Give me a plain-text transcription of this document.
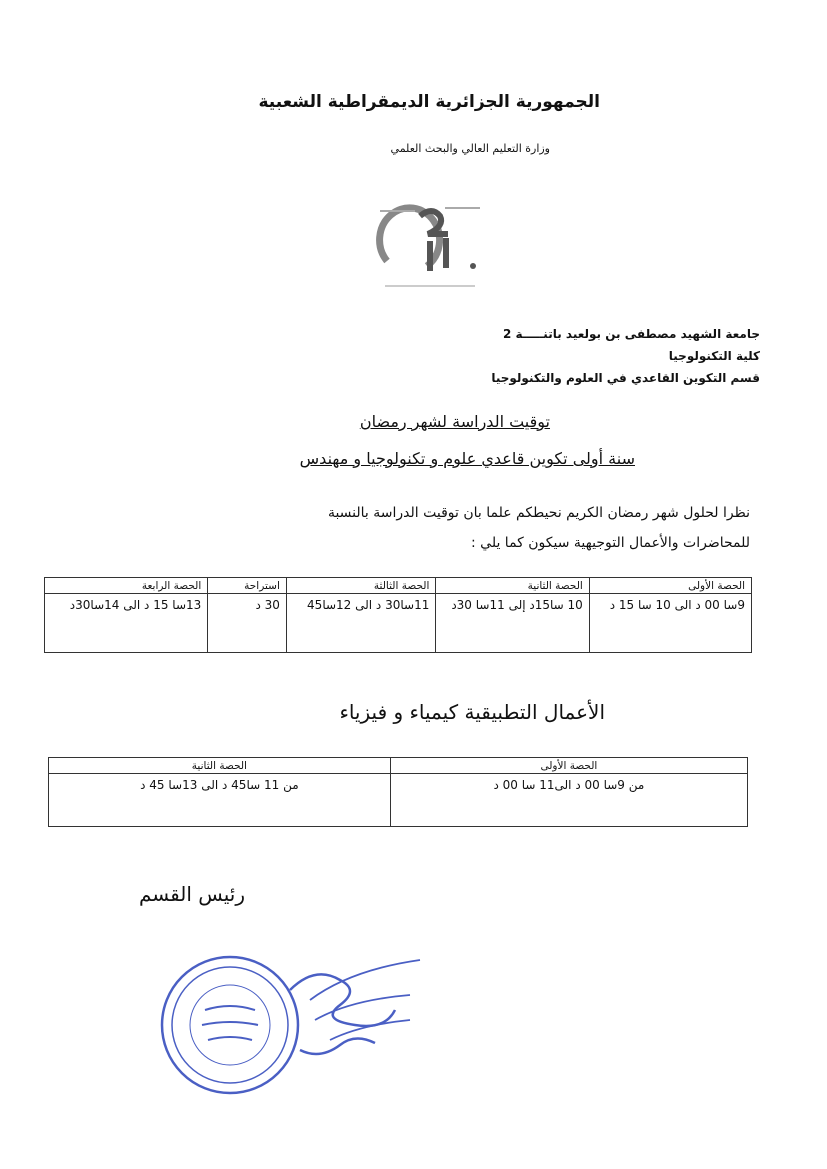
الجمهورية الجزائرية الديمقراطية الشعبية
وزارة التعليم العالي والبحث العلمي
جامعة الشهيد مصطفى بن بولعيد باتنـــــة 2
كلية التكنولوجيا
قسم التكوين القاعدي في العلوم والتكنولوجيا
توقيت الدراسة لشهر رمضان
سنة أولى تكوين قاعدي علوم و تكنولوجيا و مهندس
نظرا لحلول شهر رمضان الكريم نحيطكم علما بان توقيت الدراسة بالنسبة
للمحاضرات والأعمال التوجيهية سيكون كما يلي :
الحصة الأولى	الحصة الثانية	الحصة الثالثة	استراحة	الحصة الرابعة
9سا 00 د الى 10 سا 15 د	10 سا15د إلى 11سا 30د	11سا30 د الى 12سا45	30 د	13سا 15 د الى 14سا30د
الأعمال التطبيقية كيمياء و فيزياء
الحصة الأولى	الحصة الثانية
من 9سا 00 د الى11 سا 00 د	من 11 سا45 د الى 13سا 45 د
رئيس القسم
